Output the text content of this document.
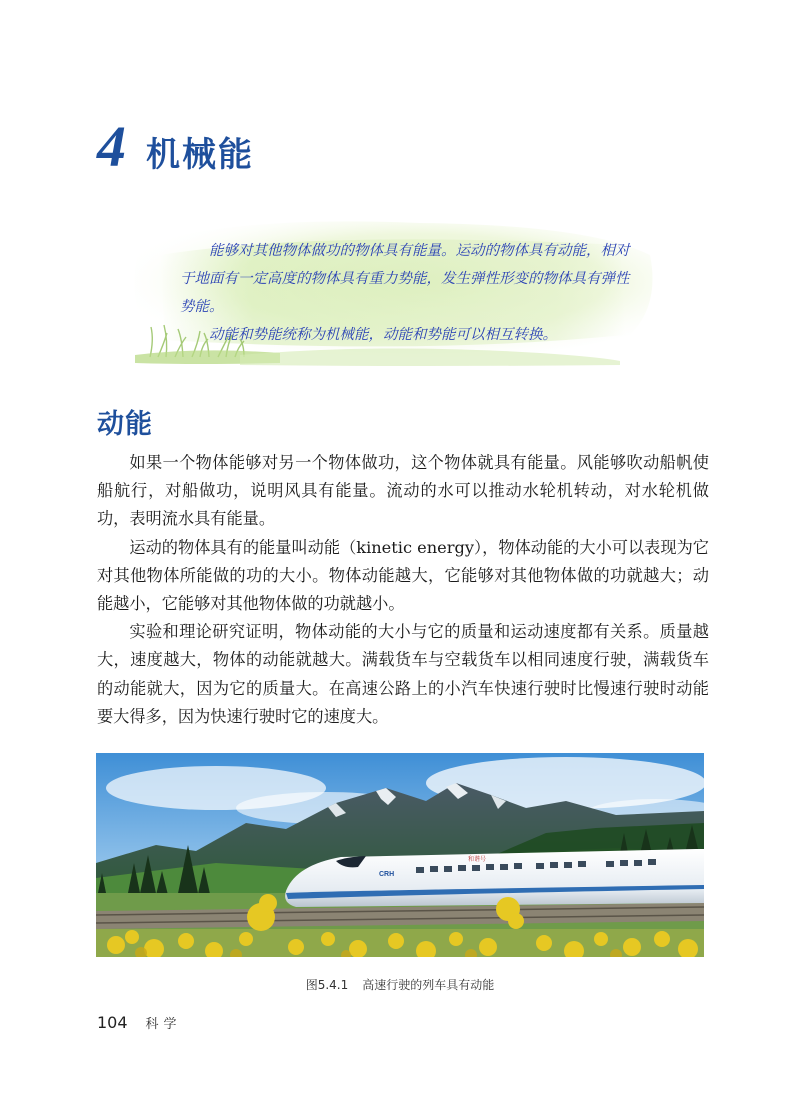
4 机械能

能够对其他物体做功的物体具有能量。运动的物体具有动能，相对于地面有一定高度的物体具有重力势能，发生弹性形变的物体具有弹性势能。

动能和势能统称为机械能，动能和势能可以相互转换。

动能

如果一个物体能够对另一个物体做功，这个物体就具有能量。风能够吹动船帆使船航行，对船做功，说明风具有能量。流动的水可以推动水轮机转动，对水轮机做功，表明流水具有能量。

运动的物体具有的能量叫动能（kinetic energy），物体动能的大小可以表现为它对其他物体所能做的功的大小。物体动能越大，它能够对其他物体做的功就越大；动能越小，它能够对其他物体做的功就越小。

实验和理论研究证明，物体动能的大小与它的质量和运动速度都有关系。质量越大，速度越大，物体的动能就越大。满载货车与空载货车以相同速度行驶，满载货车的动能就大，因为它的质量大。在高速公路上的小汽车快速行驶时比慢速行驶时动能要大得多，因为快速行驶时它的速度大。

CRH
和谐号
图5.4.1 高速行驶的列车具有动能
104 科学
